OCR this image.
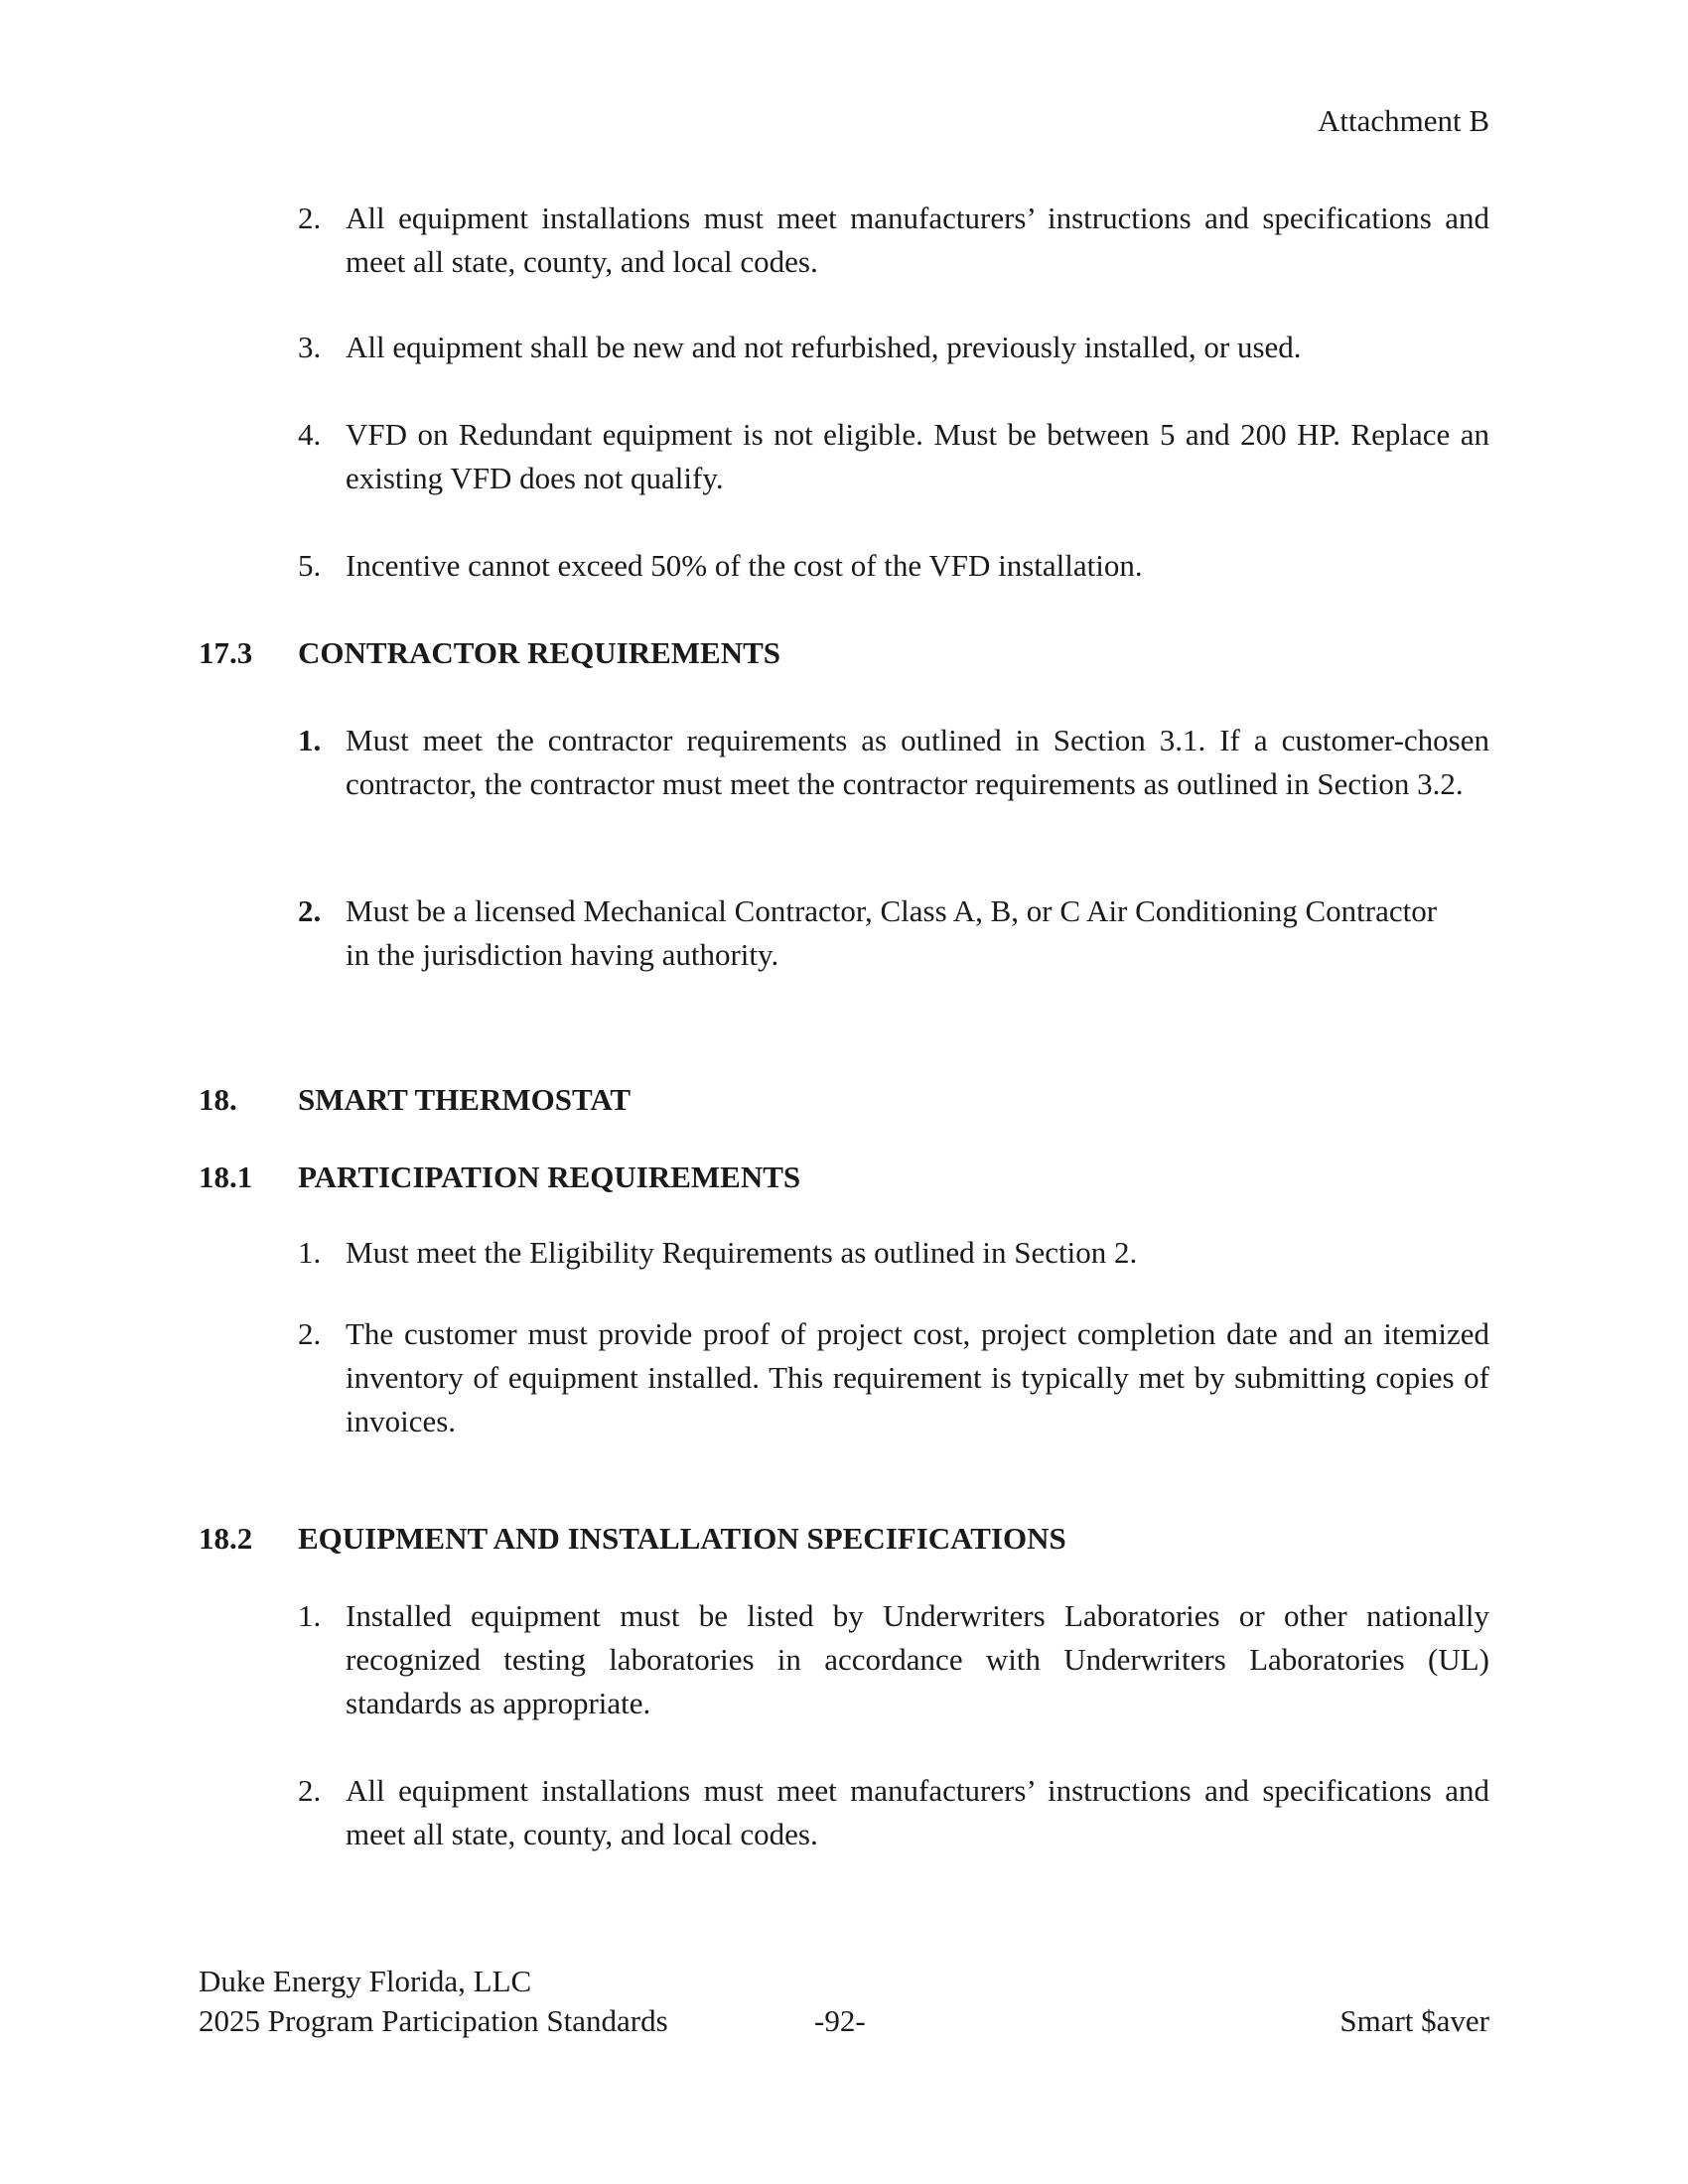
Attachment B
2. All equipment installations must meet manufacturers’ instructions and specifications and meet all state, county, and local codes.
3. All equipment shall be new and not refurbished, previously installed, or used.
4. VFD on Redundant equipment is not eligible. Must be between 5 and 200 HP. Replace an existing VFD does not qualify.
5. Incentive cannot exceed 50% of the cost of the VFD installation.
17.3 CONTRACTOR REQUIREMENTS
1. Must meet the contractor requirements as outlined in Section 3.1. If a customer-chosen contractor, the contractor must meet the contractor requirements as outlined in Section 3.2.
2. Must be a licensed Mechanical Contractor, Class A, B, or C Air Conditioning Contractor in the jurisdiction having authority.
18. SMART THERMOSTAT
18.1 PARTICIPATION REQUIREMENTS
1. Must meet the Eligibility Requirements as outlined in Section 2.
2. The customer must provide proof of project cost, project completion date and an itemized inventory of equipment installed. This requirement is typically met by submitting copies of invoices.
18.2 EQUIPMENT AND INSTALLATION SPECIFICATIONS
1. Installed equipment must be listed by Underwriters Laboratories or other nationally recognized testing laboratories in accordance with Underwriters Laboratories (UL) standards as appropriate.
2. All equipment installations must meet manufacturers’ instructions and specifications and meet all state, county, and local codes.
Duke Energy Florida, LLC
2025 Program Participation Standards	-92-	Smart $aver
